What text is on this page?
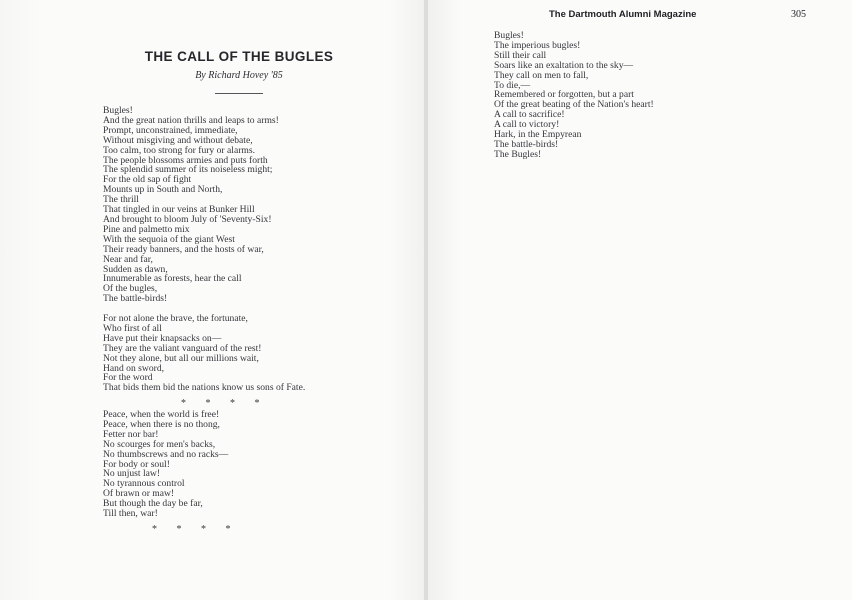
THE CALL OF THE BUGLES
By Richard Hovey '85
Bugles!
And the great nation thrills and leaps to arms!
Prompt, unconstrained, immediate,
Without misgiving and without debate,
Too calm, too strong for fury or alarms.
The people blossoms armies and puts forth
The splendid summer of its noiseless might;
For the old sap of fight
Mounts up in South and North,
The thrill
That tingled in our veins at Bunker Hill
And brought to bloom July of 'Seventy-Six!
Pine and palmetto mix
With the sequoia of the giant West
Their ready banners, and the hosts of war,
Near and far,
Sudden as dawn,
Innumerable as forests, hear the call
Of the bugles,
The battle-birds!
For not alone the brave, the fortunate,
Who first of all
Have put their knapsacks on—
They are the valiant vanguard of the rest!
Not they alone, but all our millions wait,
Hand on sword,
For the word
That bids them bid the nations know us sons of Fate.
* * * *
Peace, when the world is free!
Peace, when there is no thong,
Fetter nor bar!
No scourges for men's backs,
No thumbscrews and no racks—
For body or soul!
No unjust law!
No tyrannous control
Of brawn or maw!
But though the day be far,
Till then, war!
* * * *
The Dartmouth Alumni Magazine	305
Bugles!
The imperious bugles!
Still their call
Soars like an exaltation to the sky—
They call on men to fall,
To die,—
Remembered or forgotten, but a part
Of the great beating of the Nation's heart!
A call to sacrifice!
A call to victory!
Hark, in the Empyrean
The battle-birds!
The Bugles!
